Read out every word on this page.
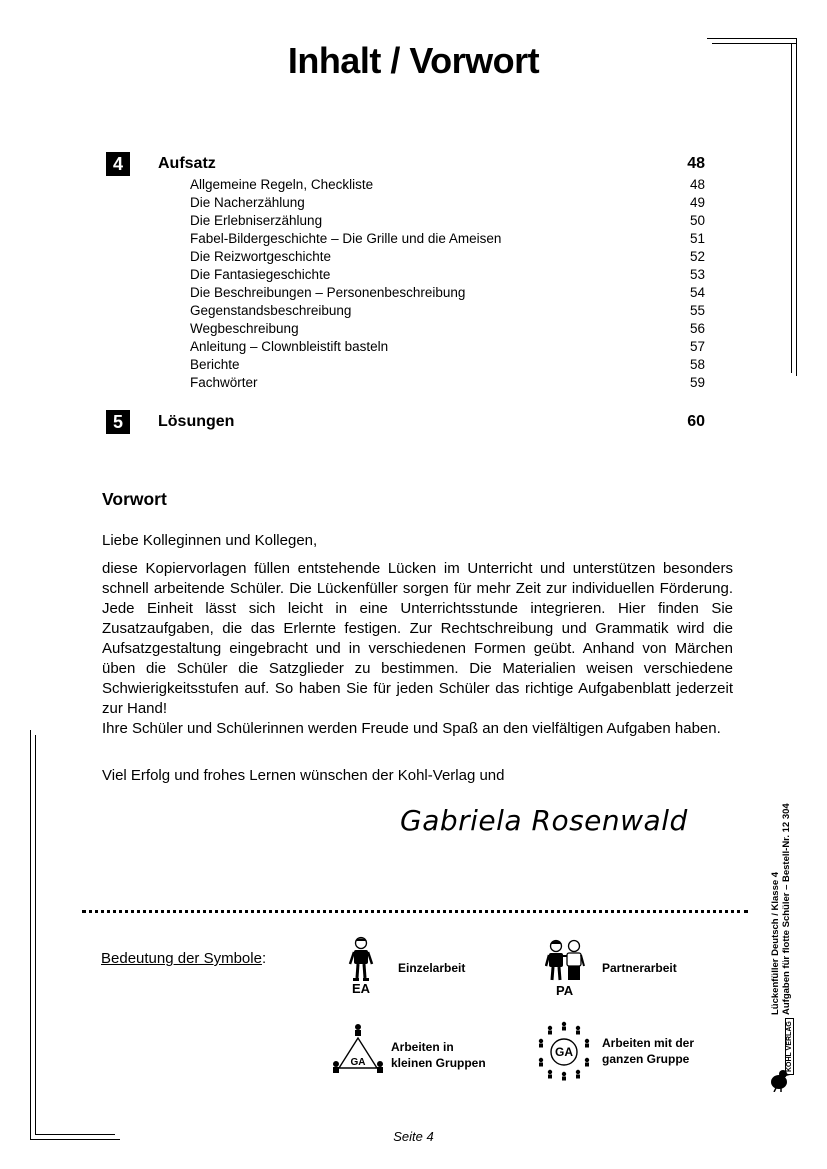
Inhalt / Vorwort
4	Aufsatz	48
Allgemeine Regeln, Checkliste	48
Die Nacherzählung	49
Die Erlebniserzählung	50
Fabel-Bildergeschichte – Die Grille und die Ameisen	51
Die Reizwortgeschichte	52
Die Fantasiegeschichte	53
Die Beschreibungen – Personenbeschreibung	54
Gegenstandsbeschreibung	55
Wegbeschreibung	56
Anleitung – Clownbleistift basteln	57
Berichte	58
Fachwörter	59
5	Lösungen	60
Vorwort
Liebe Kolleginnen und Kollegen,

diese Kopiervorlagen füllen entstehende Lücken im Unterricht und unterstützen besonders schnell arbeitende Schüler. Die Lückenfüller sorgen für mehr Zeit zur individuellen Förderung. Jede Einheit lässt sich leicht in eine Unterrichtsstunde integrieren. Hier finden Sie Zusatzaufgaben, die das Erlernte festigen. Zur Rechtschreibung und Grammatik wird die Aufsatzgestaltung eingebracht und in verschiedenen Formen geübt. Anhand von Märchen üben die Schüler die Satzglieder zu bestimmen. Die Materialien weisen verschiedene Schwierigkeitsstufen auf. So haben Sie für jeden Schüler das richtige Aufgabenblatt jederzeit zur Hand!

Ihre Schüler und Schülerinnen werden Freude und Spaß an den vielfältigen Aufgaben haben.

Viel Erfolg und frohes Lernen wünschen der Kohl-Verlag und
Gabriela Rosenwald
Bedeutung der Symbole:
EA
Einzelarbeit
PA
Partnerarbeit
GA
Arbeiten in
kleinen Gruppen
GA
Arbeiten mit der
ganzen Gruppe
Lückenfüller Deutsch / Klasse 4 Aufgaben für flotte Schüler – Bestell-Nr. 12 304
KOHL VERLAG
Seite 4
